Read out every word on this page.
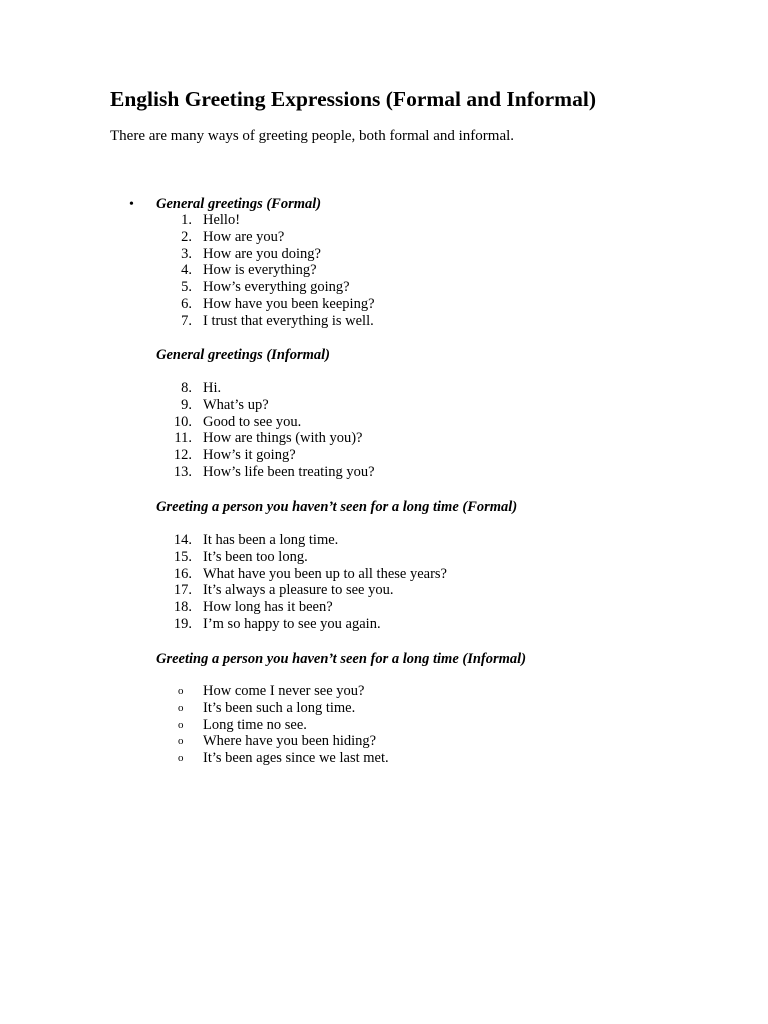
English Greeting Expressions (Formal and Informal)

There are many ways of greeting people, both formal and informal.

• General greetings (Formal)

1. Hello!
2. How are you?
3. How are you doing?
4. How is everything?
5. How’s everything going?
6. How have you been keeping?
7. I trust that everything is well.

General greetings (Informal)

8. Hi.
9. What’s up?
10. Good to see you.
11. How are things (with you)?
12. How’s it going?
13. How’s life been treating you?

Greeting a person you haven’t seen for a long time (Formal)

14. It has been a long time.
15. It’s been too long.
16. What have you been up to all these years?
17. It’s always a pleasure to see you.
18. How long has it been?
19. I’m so happy to see you again.

Greeting a person you haven’t seen for a long time (Informal)

o How come I never see you?
o It’s been such a long time.
o Long time no see.
o Where have you been hiding?
o It’s been ages since we last met.
